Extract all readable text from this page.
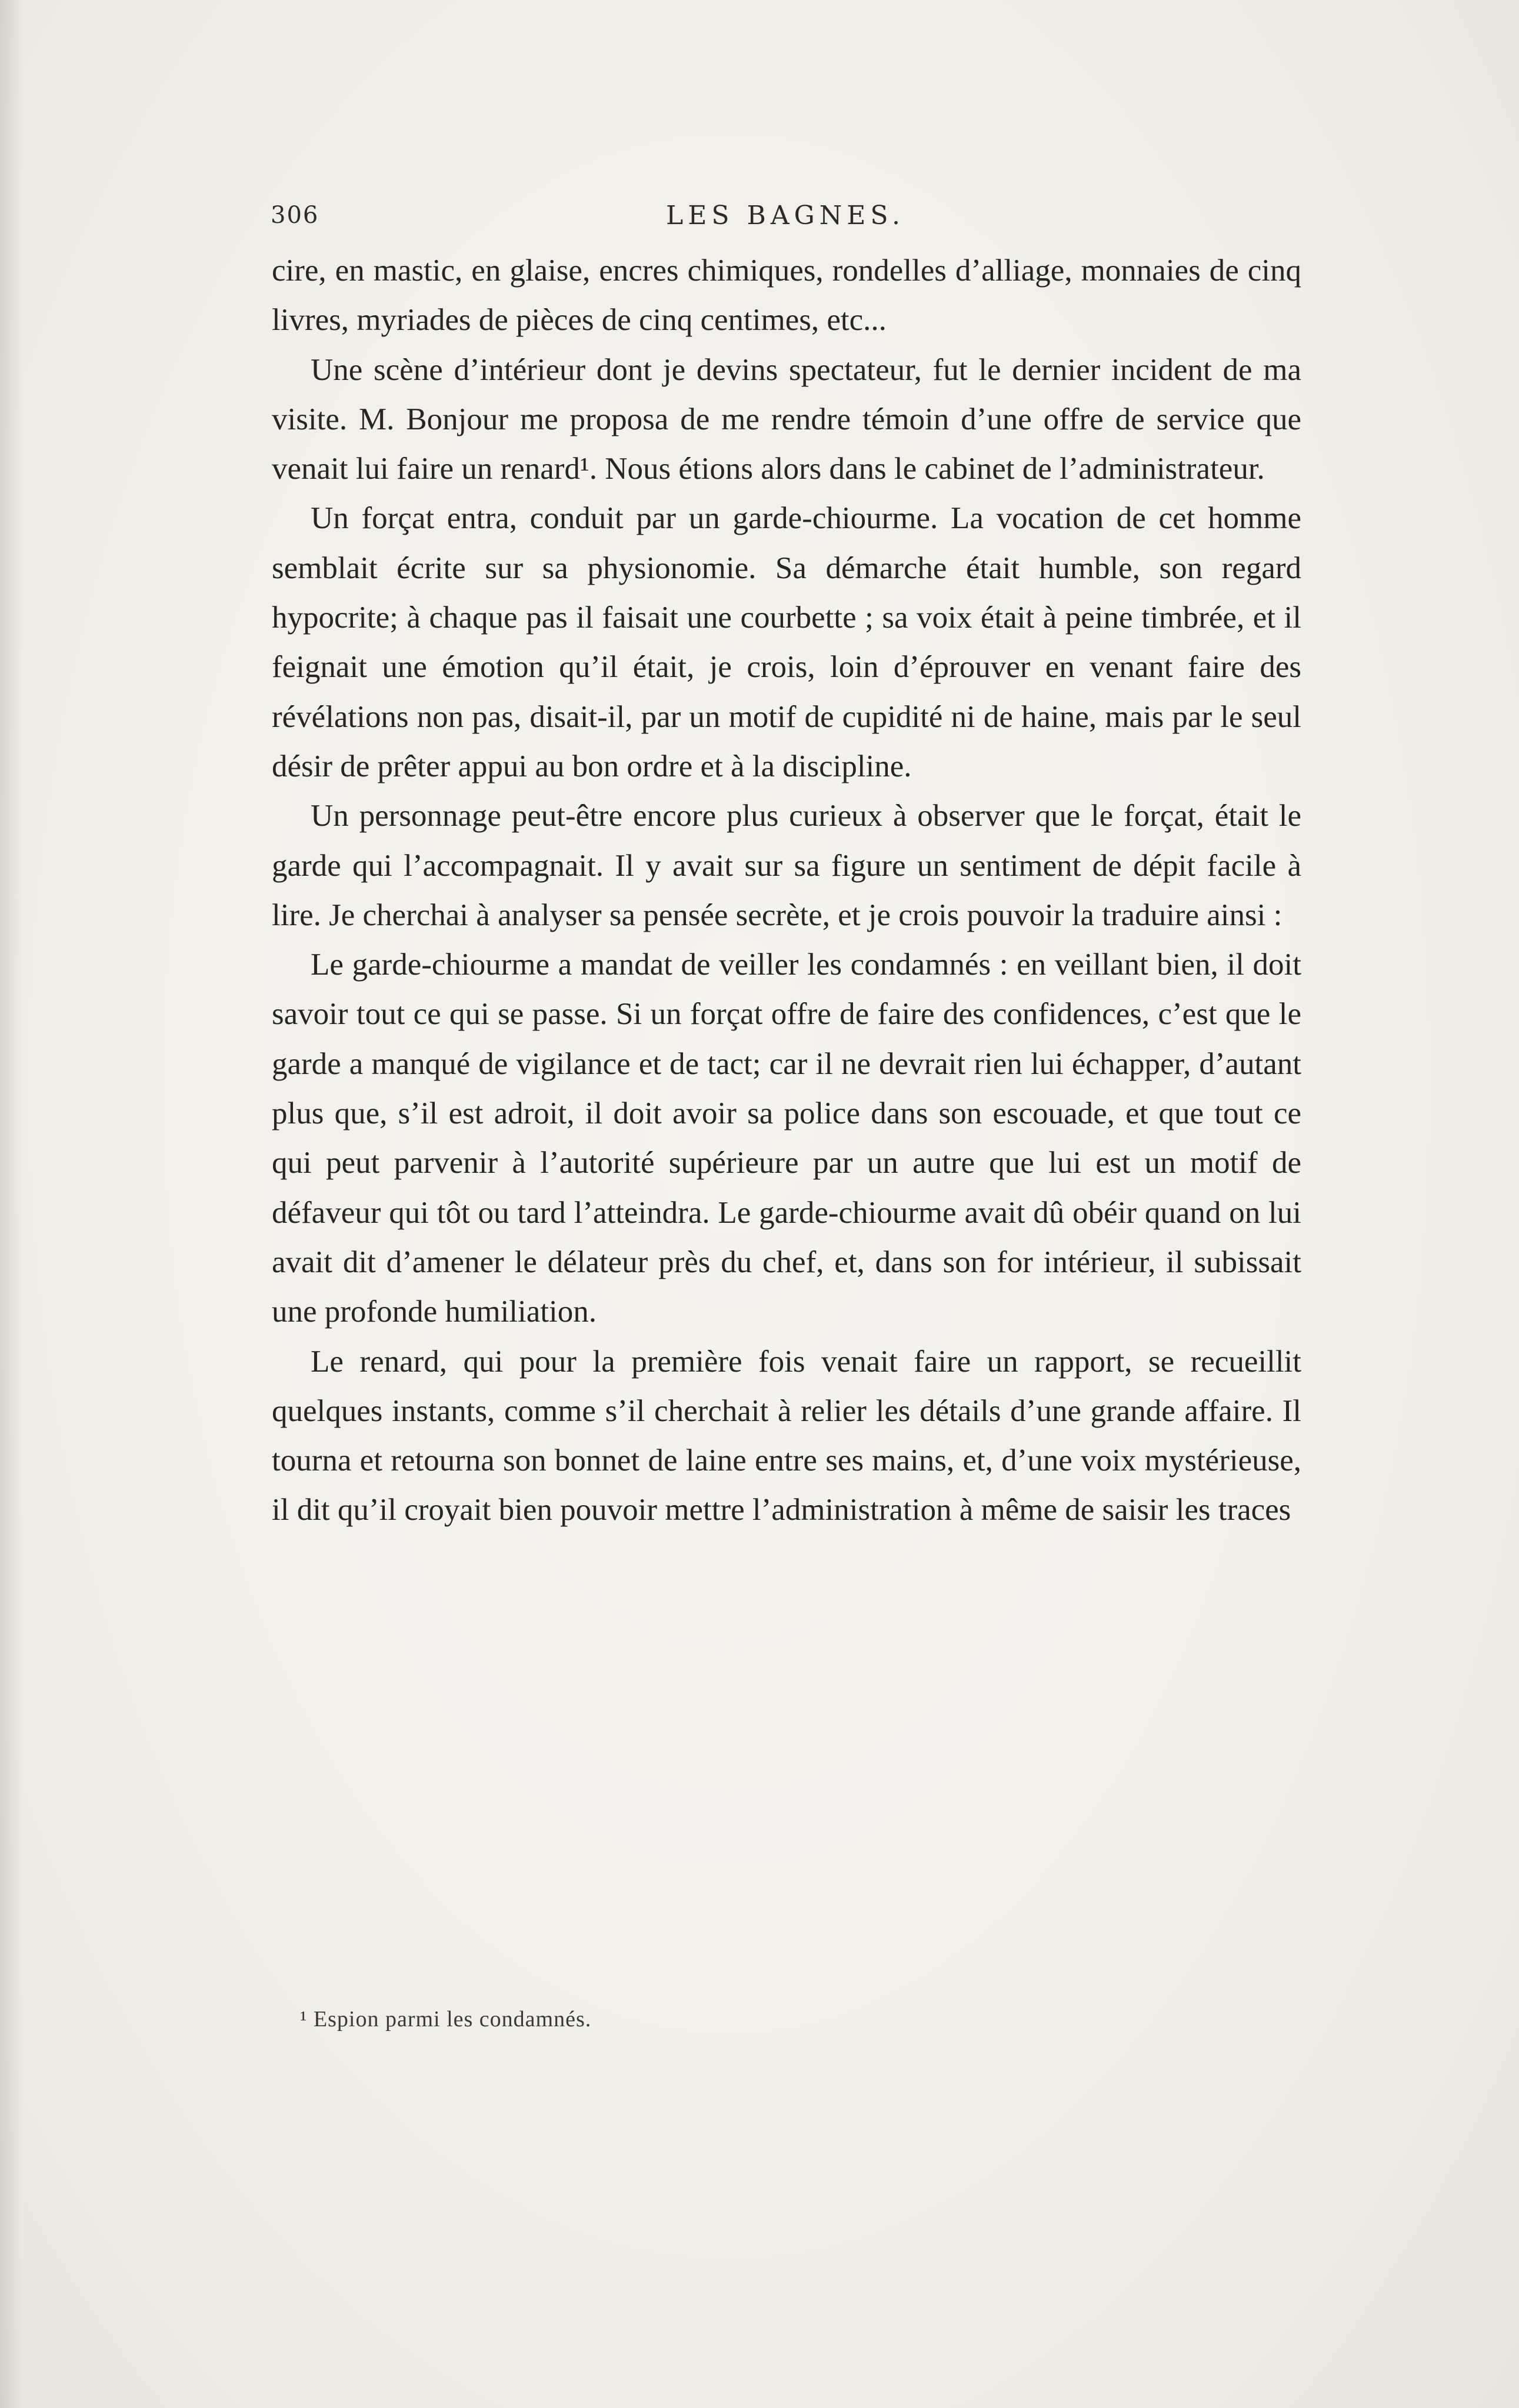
306	LES BAGNES.

cire, en mastic, en glaise, encres chimiques, rondelles d’alliage, monnaies de cinq livres, myriades de pièces de cinq centimes, etc...

Une scène d’intérieur dont je devins spectateur, fut le dernier incident de ma visite. M. Bonjour me proposa de me rendre témoin d’une offre de service que venait lui faire un renard¹. Nous étions alors dans le cabinet de l’administrateur.

Un forçat entra, conduit par un garde-chiourme. La vocation de cet homme semblait écrite sur sa physionomie. Sa démarche était humble, son regard hypocrite; à chaque pas il faisait une courbette ; sa voix était à peine timbrée, et il feignait une émotion qu’il était, je crois, loin d’éprouver en venant faire des révélations non pas, disait-il, par un motif de cupidité ni de haine, mais par le seul désir de prêter appui au bon ordre et à la discipline.

Un personnage peut-être encore plus curieux à observer que le forçat, était le garde qui l’accompagnait. Il y avait sur sa figure un sentiment de dépit facile à lire. Je cherchai à analyser sa pensée secrète, et je crois pouvoir la traduire ainsi :

Le garde-chiourme a mandat de veiller les condamnés : en veillant bien, il doit savoir tout ce qui se passe. Si un forçat offre de faire des confidences, c’est que le garde a manqué de vigilance et de tact; car il ne devrait rien lui échapper, d’autant plus que, s’il est adroit, il doit avoir sa police dans son escouade, et que tout ce qui peut parvenir à l’autorité supérieure par un autre que lui est un motif de défaveur qui tôt ou tard l’atteindra. Le garde-chiourme avait dû obéir quand on lui avait dit d’amener le délateur près du chef, et, dans son for intérieur, il subissait une profonde humiliation.

Le renard, qui pour la première fois venait faire un rapport, se recueillit quelques instants, comme s’il cherchait à relier les détails d’une grande affaire. Il tourna et retourna son bonnet de laine entre ses mains, et, d’une voix mystérieuse, il dit qu’il croyait bien pouvoir mettre l’administration à même de saisir les traces

¹ Espion parmi les condamnés.
